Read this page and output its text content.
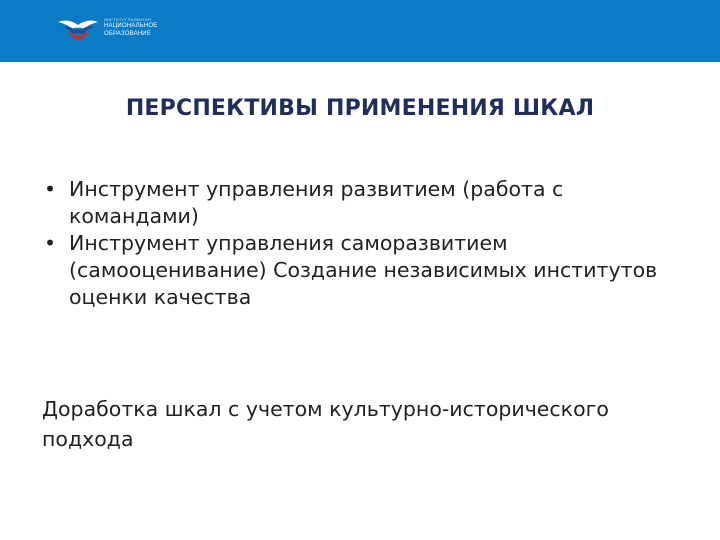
ИНСТИТУТ РАЗВИТИЯ
НАЦИОНАЛЬНОЕ
ОБРАЗОВАНИЕ
ПЕРСПЕКТИВЫ ПРИМЕНЕНИЯ ШКАЛ
• Инструмент управления развитием (работа с командами)
• Инструмент управления саморазвитием (самооценивание) Создание независимых институтов оценки качества

Доработка шкал с учетом культурно-исторического подхода
